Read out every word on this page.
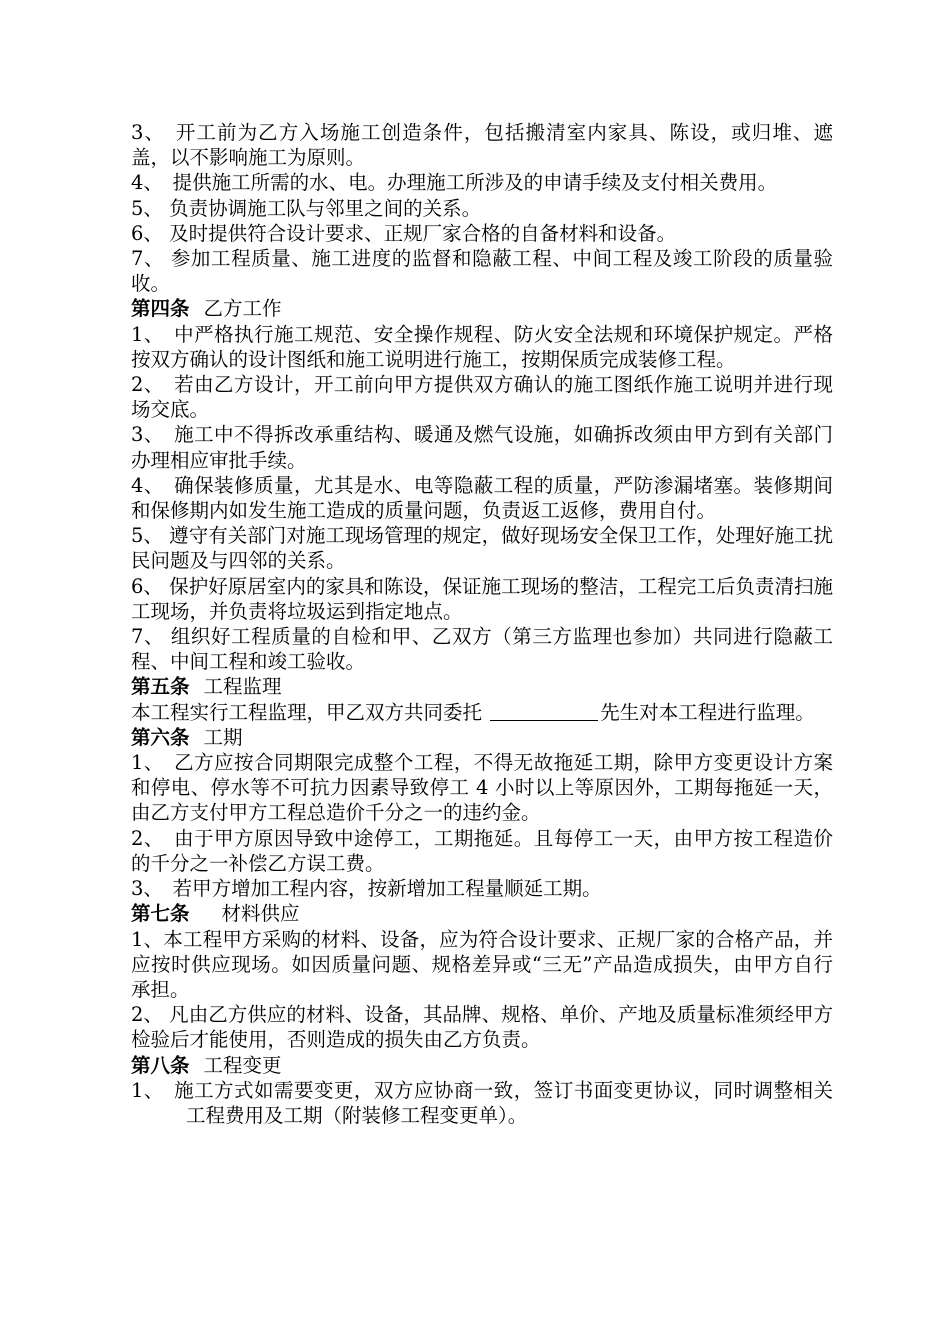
3、　开工前为乙方入场施工创造条件，包括搬清室内家具、陈设，或归堆、遮盖，以不影响施工为原则。

4、　提供施工所需的水、电。办理施工所涉及的申请手续及支付相关费用。

5、 负责协调施工队与邻里之间的关系。

6、 及时提供符合设计要求、正规厂家合格的自备材料和设备。

7、 参加工程质量、施工进度的监督和隐蔽工程、中间工程及竣工阶段的质量验收。

第四条 乙方工作

1、　中严格执行施工规范、安全操作规程、防火安全法规和环境保护规定。严格按双方确认的设计图纸和施工说明进行施工，按期保质完成装修工程。

2、　若由乙方设计，开工前向甲方提供双方确认的施工图纸作施工说明并进行现场交底。

3、　施工中不得拆改承重结构、暖通及燃气设施，如确拆改须由甲方到有关部门办理相应审批手续。

4、　确保装修质量，尤其是水、电等隐蔽工程的质量，严防渗漏堵塞。装修期间和保修期内如发生施工造成的质量问题，负责返工返修，费用自付。

5、 遵守有关部门对施工现场管理的规定，做好现场安全保卫工作，处理好施工扰民问题及与四邻的关系。

6、 保护好原居室内的家具和陈设，保证施工现场的整洁，工程完工后负责清扫施工现场，并负责将垃圾运到指定地点。

7、 组织好工程质量的自检和甲、乙双方（第三方监理也参加）共同进行隐蔽工程、中间工程和竣工验收。

第五条 工程监理

本工程实行工程监理，甲乙双方共同委托	先生对本工程进行监理。

第六条 工期

1、　乙方应按合同期限完成整个工程，不得无故拖延工期，除甲方变更设计方案和停电、停水等不可抗力因素导致停工 4 小时以上等原因外，工期每拖延一天，由乙方支付甲方工程总造价千分之一的违约金。

2、　由于甲方原因导致中途停工，工期拖延。且每停工一天，由甲方按工程造价的千分之一补偿乙方误工费。

3、　若甲方增加工程内容，按新增加工程量顺延工期。

第七条 材料供应

1、本工程甲方采购的材料、设备，应为符合设计要求、正规厂家的合格产品，并应按时供应现场。如因质量问题、规格差异或“三无”产品造成损失，由甲方自行承担。

2、 凡由乙方供应的材料、设备，其品牌、规格、单价、产地及质量标准须经甲方检验后才能使用，否则造成的损失由乙方负责。

第八条 工程变更

1、　施工方式如需要变更，双方应协商一致，签订书面变更协议，同时调整相关工程费用及工期（附装修工程变更单）。
